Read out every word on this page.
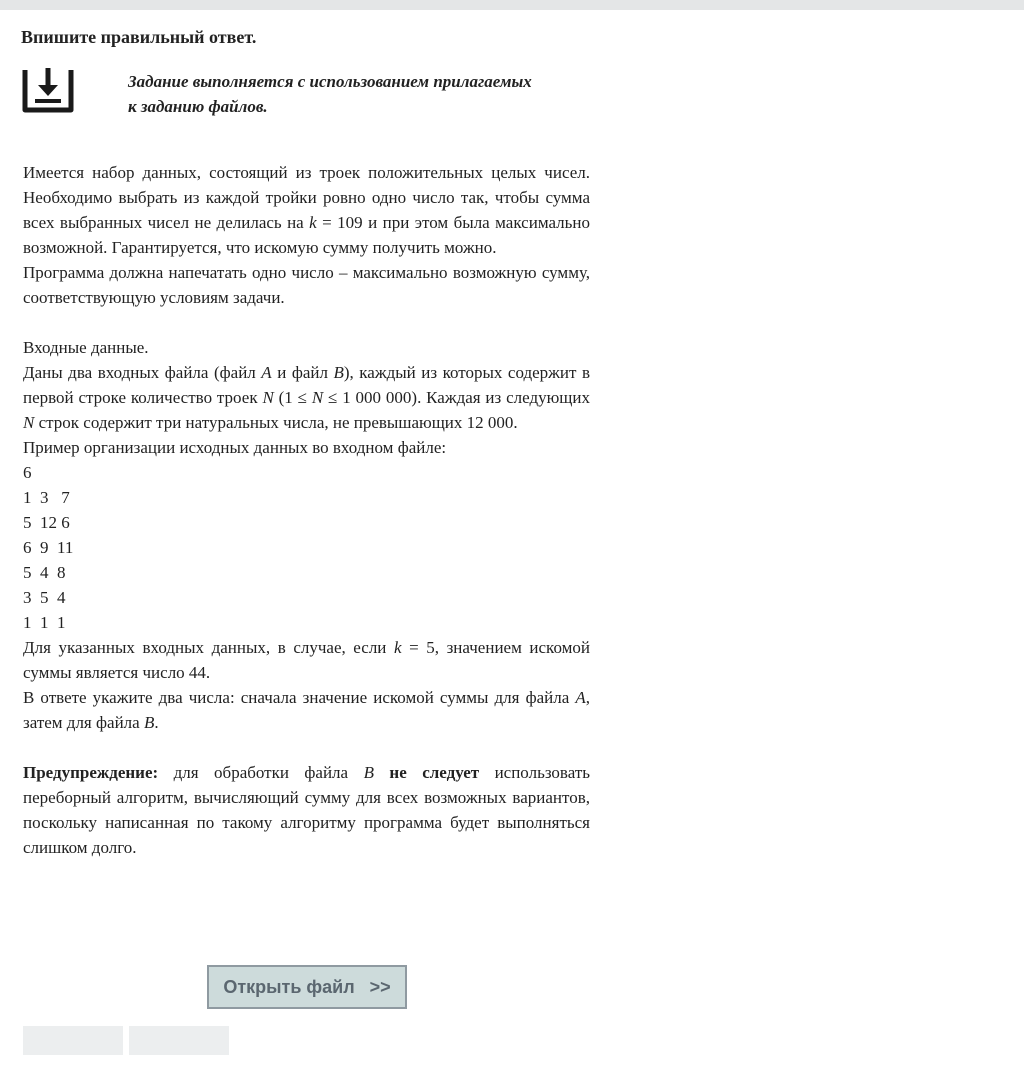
Впишите правильный ответ.
Задание выполняется с использованием прилагаемых
к заданию файлов.

Имеется набор данных, состоящий из троек положительных целых чисел. Необходимо выбрать из каждой тройки ровно одно число так, чтобы сумма всех выбранных чисел не делилась на k = 109 и при этом была максимально возможной. Гарантируется, что искомую сумму получить можно.

Программа должна напечатать одно число – максимально возможную сумму, соответствующую условиям задачи.

Входные данные.

Даны два входных файла (файл A и файл B), каждый из которых содержит в первой строке количество троек N (1 ≤ N ≤ 1 000 000). Каждая из следующих N строк содержит три натуральных числа, не превышающих 12 000.

Пример организации исходных данных во входном файле:

6

1  3   7

5  12 6

6  9  11

5  4  8

3  5  4

1  1  1

Для указанных входных данных, в случае, если k = 5, значением искомой суммы является число 44.

В ответе укажите два числа: сначала значение искомой суммы для файла A, затем для файла B.

Предупреждение: для обработки файла B не следует использовать переборный алгоритм, вычисляющий сумму для всех возможных вариантов, поскольку написанная по такому алгоритму программа будет выполняться слишком долго.

Открыть файл   >>
